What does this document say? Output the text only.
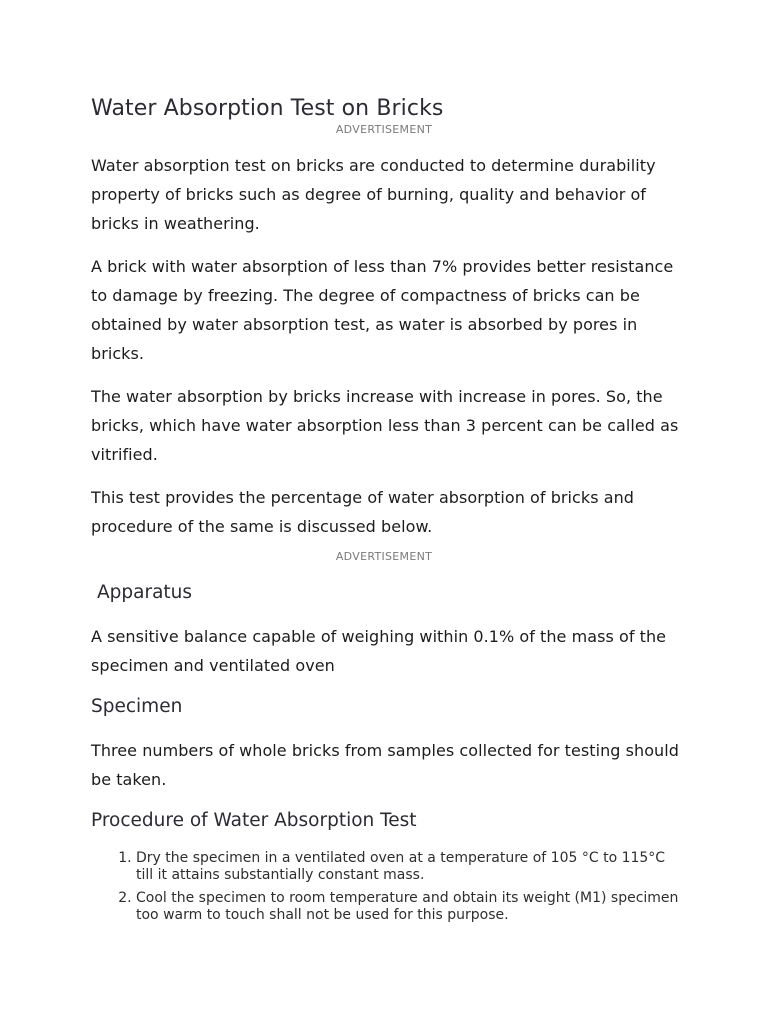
Water Absorption Test on Bricks
ADVERTISEMENT

Water absorption test on bricks are conducted to determine durability property of bricks such as degree of burning, quality and behavior of bricks in weathering.

A brick with water absorption of less than 7% provides better resistance to damage by freezing. The degree of compactness of bricks can be obtained by water absorption test, as water is absorbed by pores in bricks.

The water absorption by bricks increase with increase in pores. So, the bricks, which have water absorption less than 3 percent can be called as vitrified.

This test provides the percentage of water absorption of bricks and procedure of the same is discussed below.

ADVERTISEMENT
Apparatus

A sensitive balance capable of weighing within 0.1% of the mass of the specimen and ventilated oven

Specimen

Three numbers of whole bricks from samples collected for testing should be taken.

Procedure of Water Absorption Test
1. Dry the specimen in a ventilated oven at a temperature of 105 °C to 115°C till it attains substantially constant mass.
2. Cool the specimen to room temperature and obtain its weight (M1) specimen too warm to touch shall not be used for this purpose.
